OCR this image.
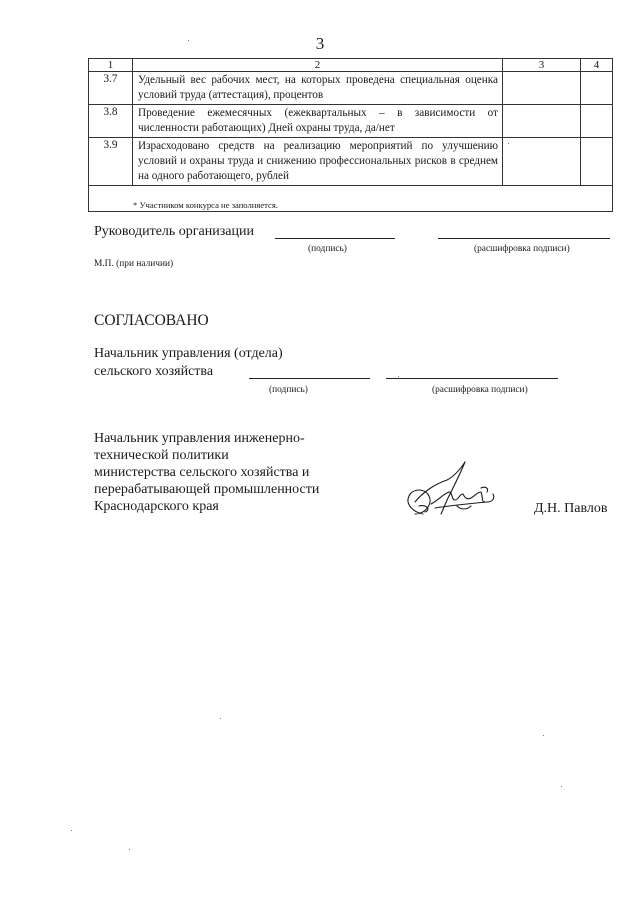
3
1	2	3	4
3.7	Удельный вес рабочих мест, на которых проведена специальная оценка условий труда (аттестация), процентов		
3.8	Проведение ежемесячных (ежеквартальных – в зависимости от численности работающих) Дней охраны труда, да/нет		
3.9	Израсходовано средств на реализацию мероприятий по улучшению условий и охраны труда и снижению профессиональных рисков в среднем на одного работающего, рублей		
* Участником конкурса не заполняется.			
Руководитель организации
(подпись)	(расшифровка подписи)
М.П. (при наличии)
СОГЛАСОВАНО
Начальник управления (отдела)
сельского хозяйства
(подпись)	(расшифровка подписи)
Начальник управления инженерно-
технической политики
министерства сельского хозяйства и
перерабатывающей промышленности
Краснодарского края	Д.Н. Павлов
